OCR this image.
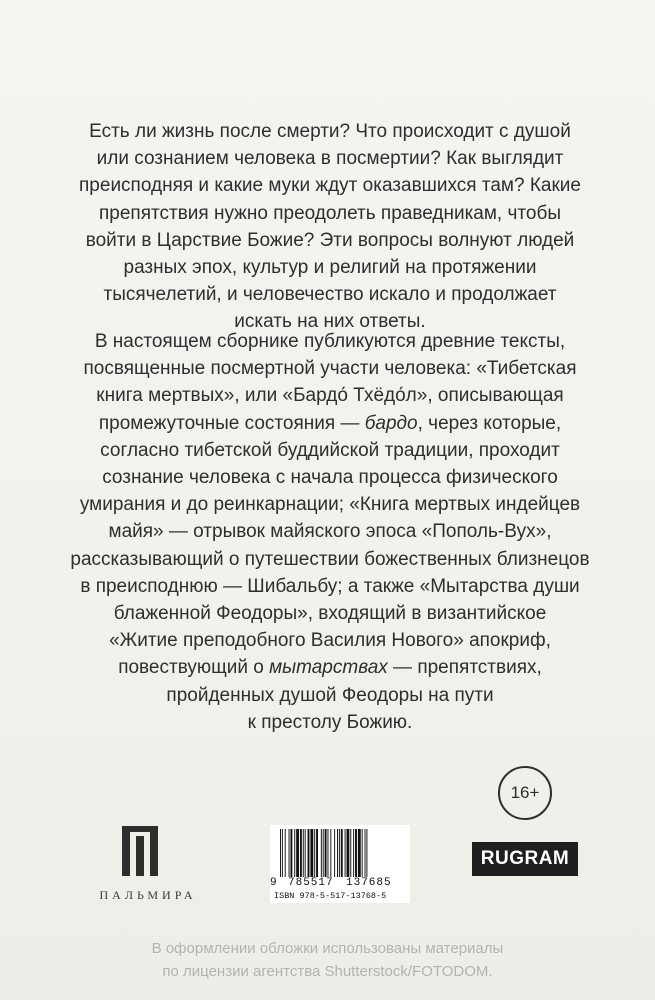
Есть ли жизнь после смерти? Что происходит с душой
или сознанием человека в посмертии? Как выглядит
преисподняя и какие муки ждут оказавшихся там? Какие
препятствия нужно преодолеть праведникам, чтобы
войти в Царствие Божие? Эти вопросы волнуют людей
разных эпох, культур и религий на протяжении
тысячелетий, и человечество искало и продолжает
искать на них ответы.
В настоящем сборнике публикуются древние тексты,
посвященные посмертной участи человека: «Тибетская
книга мертвых», или «Бардо́ Тхёдо́л», описывающая
промежуточные состояния — бардо, через которые,
согласно тибетской буддийской традиции, проходит
сознание человека с начала процесса физического
умирания и до реинкарнации; «Книга мертвых индейцев
майя» — отрывок майяского эпоса «Пополь-Вух»,
рассказывающий о путешествии божественных близнецов
в преисподнюю — Шибальбу; а также «Мытарства души
блаженной Феодоры», входящий в византийское
«Житие преподобного Василия Нового» апокриф,
повествующий о мытарствах — препятствиях,
пройденных душой Феодоры на пути
к престолу Божию.
16+
ПАЛЬМИРА
9 785517 137685
ISBN 978-5-517-13768-5
RUGRAM
В оформлении обложки использованы материалы
по лицензии агентства Shutterstock/FOTODOM.
